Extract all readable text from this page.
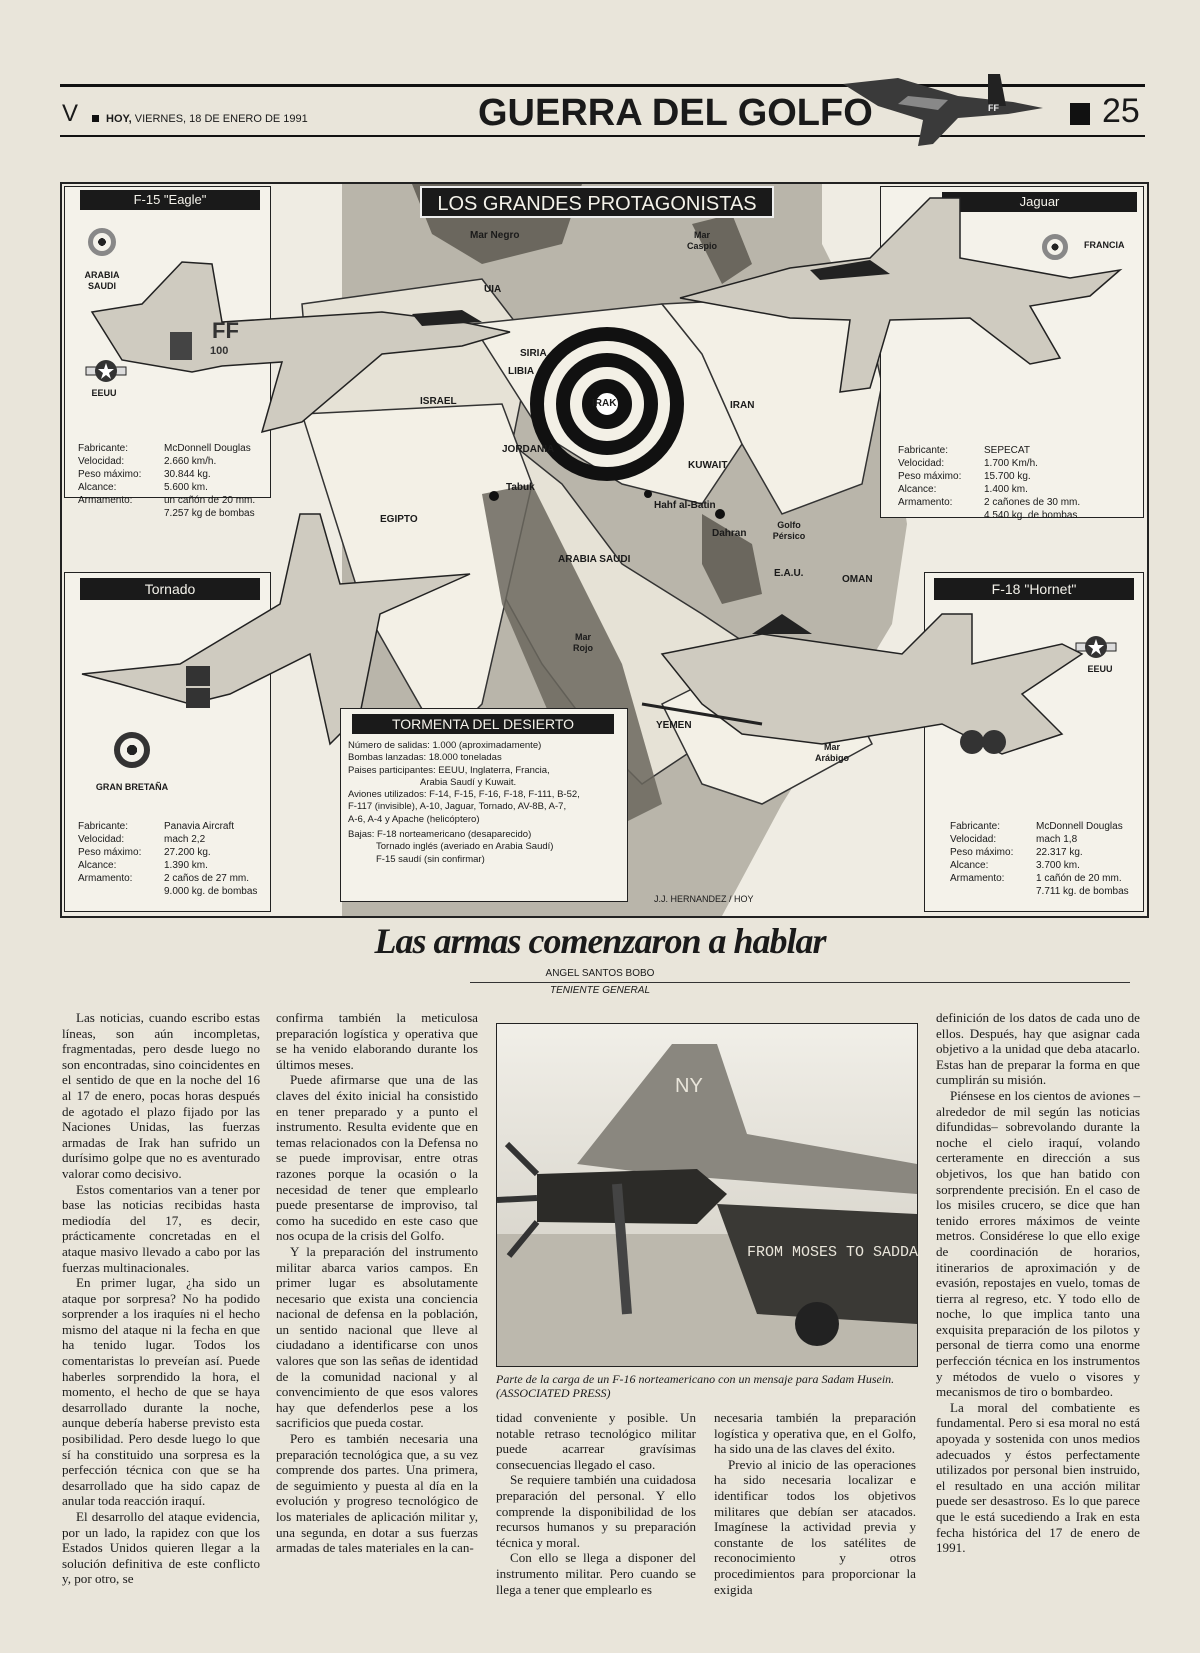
V	HOY, VIERNES, 18 DE ENERO DE 1991	GUERRA DEL GOLFO	FF	25
Mar Negro	Mar Caspio
UIA
SIRIA
LIBIA
ISRAEL	IRAK	IRAN
JORDANIA
KUWAIT
Tabuk
Hahf al-Batin
EGIPTO
Dahran
Golfo Pérsico
ARABIA SAUDI
E.A.U.
OMAN
Mar Rojo
YEMEN
Mar Arábigo
LOS GRANDES PROTAGONISTAS
F-15 "Eagle"
ARABIA SAUDI
EEUU
Fabricante:	McDonnell Douglas
Velocidad:	2.660 km/h.
Peso máximo:	30.844 kg.
Alcance:	5.600 km.
Armamento:	un cañón de 20 mm.
7.257 kg de bombas
FF
100
Jaguar
FRANCIA
Fabricante:	SEPECAT
Velocidad:	1.700 Km/h.
Peso máximo:	15.700 kg.
Alcance:	1.400 km.
Armamento:	2 cañones de 30 mm.
4.540 kg. de bombas
Tornado
GRAN BRETAÑA
Fabricante:	Panavia Aircraft
Velocidad:	mach 2,2
Peso máximo:	27.200 kg.
Alcance:	1.390 km.
Armamento:	2 caños de 27 mm.
9.000 kg. de bombas
F-18 "Hornet"
EEUU
Fabricante:	McDonnell Douglas
Velocidad:	mach 1,8
Peso máximo:	22.317 kg.
Alcance:	3.700 km.
Armamento:	1 cañón de 20 mm.
7.711 kg. de bombas
TORMENTA DEL DESIERTO
Número de salidas: 1.000 (aproximadamente)
Bombas lanzadas: 18.000 toneladas
Paises participantes: EEUU, Inglaterra, Francia,
Arabia Saudí y Kuwait.
Aviones utilizados: F-14, F-15, F-16, F-18, F-111, B-52,
F-117 (invisible), A-10, Jaguar, Tornado, AV-8B, A-7,
A-6, A-4 y Apache (helicóptero)
Bajas: F-18 norteamericano (desaparecido)
Tornado inglés (averiado en Arabia Saudí)
F-15 saudí (sin confirmar)
J.J. HERNANDEZ / HOY
Las armas comenzaron a hablar
ANGEL SANTOS BOBO
TENIENTE GENERAL

Las noticias, cuando escribo estas líneas, son aún incompletas, fragmentadas, pero desde luego no son encontradas, sino coincidentes en el sentido de que en la noche del 16 al 17 de enero, pocas horas después de agotado el plazo fijado por las Naciones Unidas, las fuerzas armadas de Irak han sufrido un durísimo golpe que no es aventurado valorar como decisivo.

Estos comentarios van a tener por base las noticias recibidas hasta mediodía del 17, es decir, prácticamente concretadas en el ataque masivo llevado a cabo por las fuerzas multinacionales.

En primer lugar, ¿ha sido un ataque por sorpresa? No ha podido sorprender a los iraquíes ni el hecho mismo del ataque ni la fecha en que ha tenido lugar. Todos los comentaristas lo preveían así. Puede haberles sorprendido la hora, el momento, el hecho de que se haya desarrollado durante la noche, aunque debería haberse previsto esta posibilidad. Pero desde luego lo que sí ha constituido una sorpresa es la perfección técnica con que se ha desarrollado que ha sido capaz de anular toda reacción iraquí.

El desarrollo del ataque evidencia, por un lado, la rapidez con que los Estados Unidos quieren llegar a la solución definitiva de este conflicto y, por otro, se

confirma también la meticulosa preparación logística y operativa que se ha venido elaborando durante los últimos meses.

Puede afirmarse que una de las claves del éxito inicial ha consistido en tener preparado y a punto el instrumento. Resulta evidente que en temas relacionados con la Defensa no se puede improvisar, entre otras razones porque la ocasión o la necesidad de tener que emplearlo puede presentarse de improviso, tal como ha sucedido en este caso que nos ocupa de la crisis del Golfo.

Y la preparación del instrumento militar abarca varios campos. En primer lugar es absolutamente necesario que exista una conciencia nacional de defensa en la población, un sentido nacional que lleve al ciudadano a identificarse con unos valores que son las señas de identidad de la comunidad nacional y al convencimiento de que esos valores hay que defenderlos pese a los sacrificios que pueda costar.

Pero es también necesaria una preparación tecnológica que, a su vez comprende dos partes. Una primera, de seguimiento y puesta al día en la evolución y progreso tecnológico de los materiales de aplicación militar y, una segunda, en dotar a sus fuerzas armadas de tales materiales en la can-

NY
FROM MOSES TO SADDAM - BANG
Parte de la carga de un F-16 norteamericano con un mensaje para Sadam Husein. (ASSOCIATED PRESS)

tidad conveniente y posible. Un notable retraso tecnológico militar puede acarrear gravísimas consecuencias llegado el caso.

Se requiere también una cuidadosa preparación del personal. Y ello comprende la disponibilidad de los recursos humanos y su preparación técnica y moral.

Con ello se llega a disponer del instrumento militar. Pero cuando se llega a tener que emplearlo es

necesaria también la preparación logística y operativa que, en el Golfo, ha sido una de las claves del éxito.

Previo al inicio de las operaciones ha sido necesaria localizar e identificar todos los objetivos militares que debían ser atacados. Imagínese la actividad previa y constante de los satélites de reconocimiento y otros procedimientos para proporcionar la exigida

definición de los datos de cada uno de ellos. Después, hay que asignar cada objetivo a la unidad que deba atacarlo. Estas han de preparar la forma en que cumplirán su misión.

Piénsese en los cientos de aviones –alrededor de mil según las noticias difundidas– sobrevolando durante la noche el cielo iraquí, volando certeramente en dirección a sus objetivos, los que han batido con sorprendente precisión. En el caso de los misiles crucero, se dice que han tenido errores máximos de veinte metros. Considérese lo que ello exige de coordinación de horarios, itinerarios de aproximación y de evasión, repostajes en vuelo, tomas de tierra al regreso, etc. Y todo ello de noche, lo que implica tanto una exquisita preparación de los pilotos y personal de tierra como una enorme perfección técnica en los instrumentos y métodos de vuelo o visores y mecanismos de tiro o bombardeo.

La moral del combatiente es fundamental. Pero si esa moral no está apoyada y sostenida con unos medios adecuados y éstos perfectamente utilizados por personal bien instruido, el resultado en una acción militar puede ser desastroso. Es lo que parece que le está sucediendo a Irak en esta fecha histórica del 17 de enero de 1991.
